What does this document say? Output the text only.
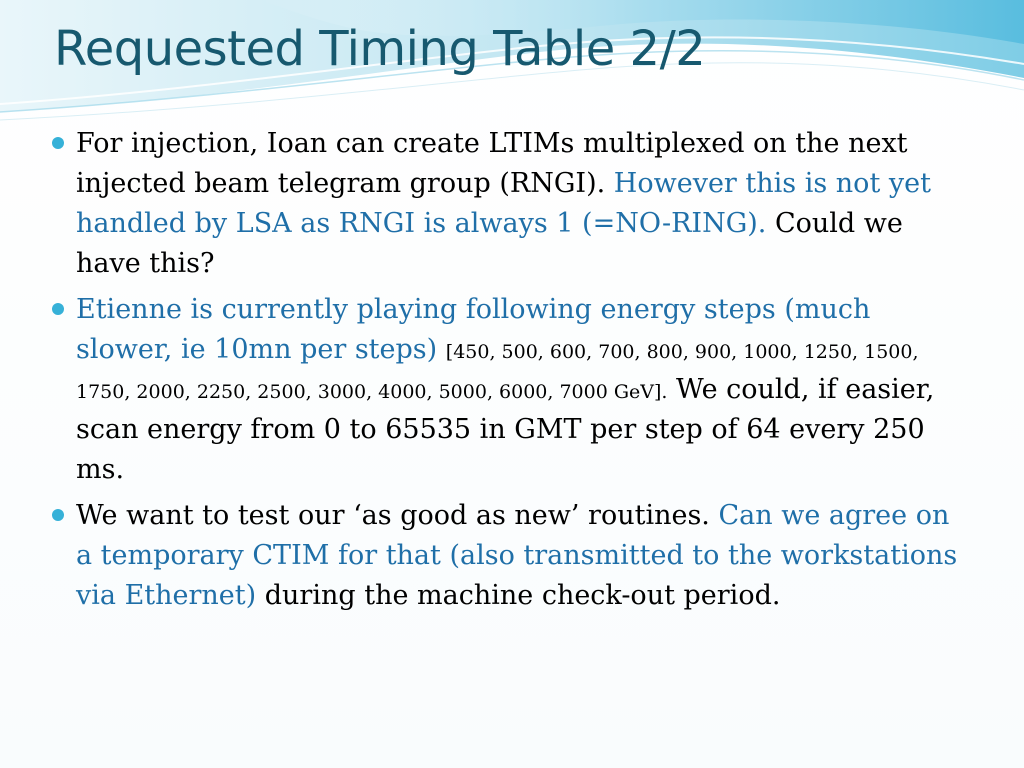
Requested Timing Table 2/2
For injection, Ioan can create LTIMs multiplexed on the next injected beam telegram group (RNGI). However this is not yet handled by LSA as RNGI is always 1 (=NO-RING). Could we have this?
Etienne is currently playing following energy steps (much slower, ie 10mn per steps) [450, 500, 600, 700, 800, 900, 1000, 1250, 1500, 1750, 2000, 2250, 2500, 3000, 4000, 5000, 6000, 7000 GeV]. We could, if easier, scan energy from 0 to 65535 in GMT per step of 64 every 250 ms.
We want to test our ‘as good as new’ routines. Can we agree on a temporary CTIM for that (also transmitted to the workstations via Ethernet) during the machine check-out period.
